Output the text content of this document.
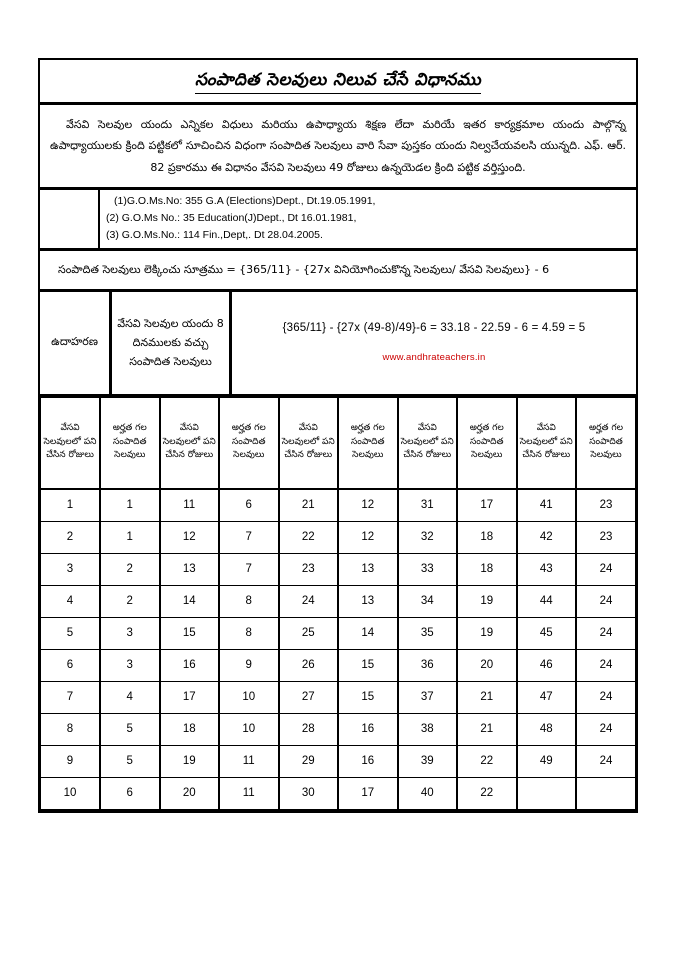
సంపాదిత సెలవులు నిలువ చేసే విధానము

వేసవి సెలవుల యందు ఎన్నికల విధులు మరియు ఉపాధ్యాయ శిక్షణ లేదా మరియే ఇతర కార్యక్రమాల యందు పాల్గొన్న ఉపాధ్యాయులకు క్రింది పట్టికలో సూచించిన విధంగా సంపాదిత సెలవులు వారి సేవా పుస్తకం యందు నిల్వచేయవలసి యున్నది. ఎఫ్. ఆర్. 82 ప్రకారము ఈ విధానం వేసవి సెలవులు 49 రోజులు ఉన్నయెడల క్రింది పట్టిక వర్తిస్తుంది.

(1)G.O.Ms.No: 355 G.A (Elections)Dept., Dt.19.05.1991,
(2) G.O.Ms No.: 35 Education(J)Dept., Dt 16.01.1981,
(3) G.O.Ms.No.: 114 Fin.,Dept,. Dt 28.04.2005.
సంపాదిత సెలవులు లెక్కించు సూత్రము = {365/11} - {27x వినియోగించుకొన్న సెలవులు/ వేసవి సెలవులు} - 6
ఉదాహరణ
వేసవి సెలవుల యందు 8 దినములకు వచ్చు సంపాదిత సెలవులు
{365/11} - {27x (49-8)/49}-6 = 33.18 - 22.59 - 6 = 4.59 = 5
www.andhrateachers.in
వేసవి సెలవులలో పని చేసిన రోజులు	అర్హత గల సంపాదిత సెలవులు	వేసవి సెలవులలో పని చేసిన రోజులు	అర్హత గల సంపాదిత సెలవులు	వేసవి సెలవులలో పని చేసిన రోజులు	అర్హత గల సంపాదిత సెలవులు	వేసవి సెలవులలో పని చేసిన రోజులు	అర్హత గల సంపాదిత సెలవులు	వేసవి సెలవులలో పని చేసిన రోజులు	అర్హత గల సంపాదిత సెలవులు
1	1	11	6	21	12	31	17	41	23
2	1	12	7	22	12	32	18	42	23
3	2	13	7	23	13	33	18	43	24
4	2	14	8	24	13	34	19	44	24
5	3	15	8	25	14	35	19	45	24
6	3	16	9	26	15	36	20	46	24
7	4	17	10	27	15	37	21	47	24
8	5	18	10	28	16	38	21	48	24
9	5	19	11	29	16	39	22	49	24
10	6	20	11	30	17	40	22		
